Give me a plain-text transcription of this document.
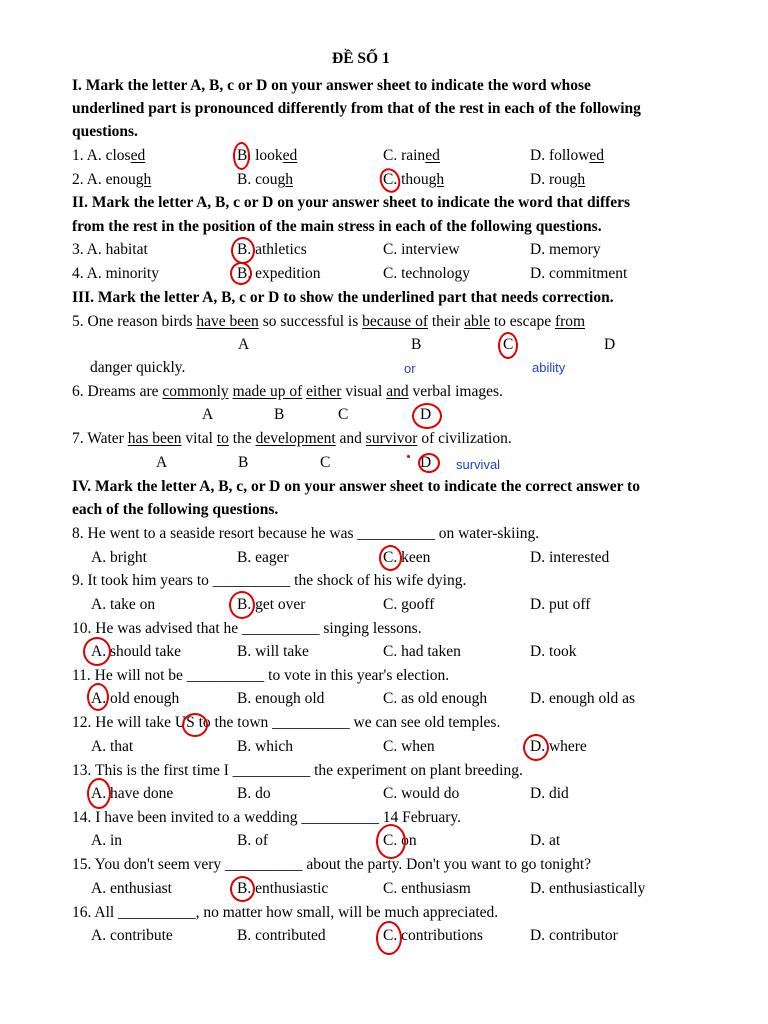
ĐỀ SỐ 1
I. Mark the letter A, B, c or D on your answer sheet to indicate the word whose
underlined part is pronounced differently from that of the rest in each of the following
questions.
1. A. closed	B. looked	C. rained	D. followed
2. A. enough	B. cough	C. though	D. rough
II. Mark the letter A, B, c or D on your answer sheet to indicate the word that differs
from the rest in the position of the main stress in each of the following questions.
3. A. habitat	B. athletics	C. interview	D. memory
4. A. minority	B. expedition	C. technology	D. commitment
III. Mark the letter A, B, c or D to show the underlined part that needs correction.
5. One reason birds have been so successful is because of their able to escape from
A	B	C	D
danger quickly.	or	ability
6. Dreams are commonly made up of either visual and verbal images.
A	B	C	D
7. Water has been vital to the development and survivor of civilization.
A	B	C	D survival
IV. Mark the letter A, B, c, or D on your answer sheet to indicate the correct answer to
each of the following questions.
8. He went to a seaside resort because he was __________ on water-skiing.
A. bright	B. eager	C. keen	D. interested
9. It took him years to __________ the shock of his wife dying.
A. take on	B. get over	C. gooff	D. put off
10. He was advised that he __________ singing lessons.
A. should take	B. will take	C. had taken	D. took
11. He will not be __________ to vote in this year's election.
A. old enough	B. enough old	C. as old enough	D. enough old as
12. He will take US to the town __________ we can see old temples.
A. that	B. which	C. when	D. where
13. This is the first time I __________ the experiment on plant breeding.
A. have done	B. do	C. would do	D. did
14. I have been invited to a wedding __________ 14 February.
A. in	B. of	C. on	D. at
15. You don't seem very __________ about the party. Don't you want to go tonight?
A. enthusiast	B. enthusiastic	C. enthusiasm	D. enthusiastically
16. All __________, no matter how small, will be much appreciated.
A. contribute	B. contributed	C. contributions	D. contributor
